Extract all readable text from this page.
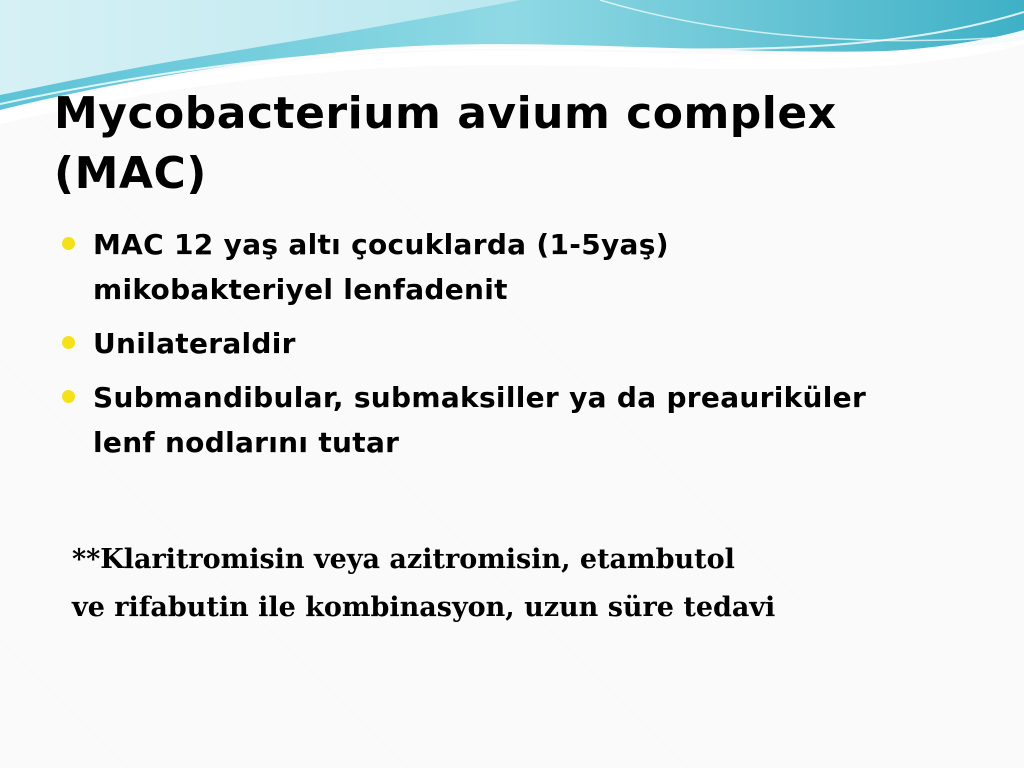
Mycobacterium avium complex
(MAC)
MAC 12 yaş altı çocuklarda (1-5yaş)
mikobakteriyel lenfadenit
Unilateraldir
Submandibular, submaksiller ya da preauriküler
lenf nodlarını tutar

**Klaritromisin veya azitromisin, etambutol
ve rifabutin ile kombinasyon, uzun süre tedavi
